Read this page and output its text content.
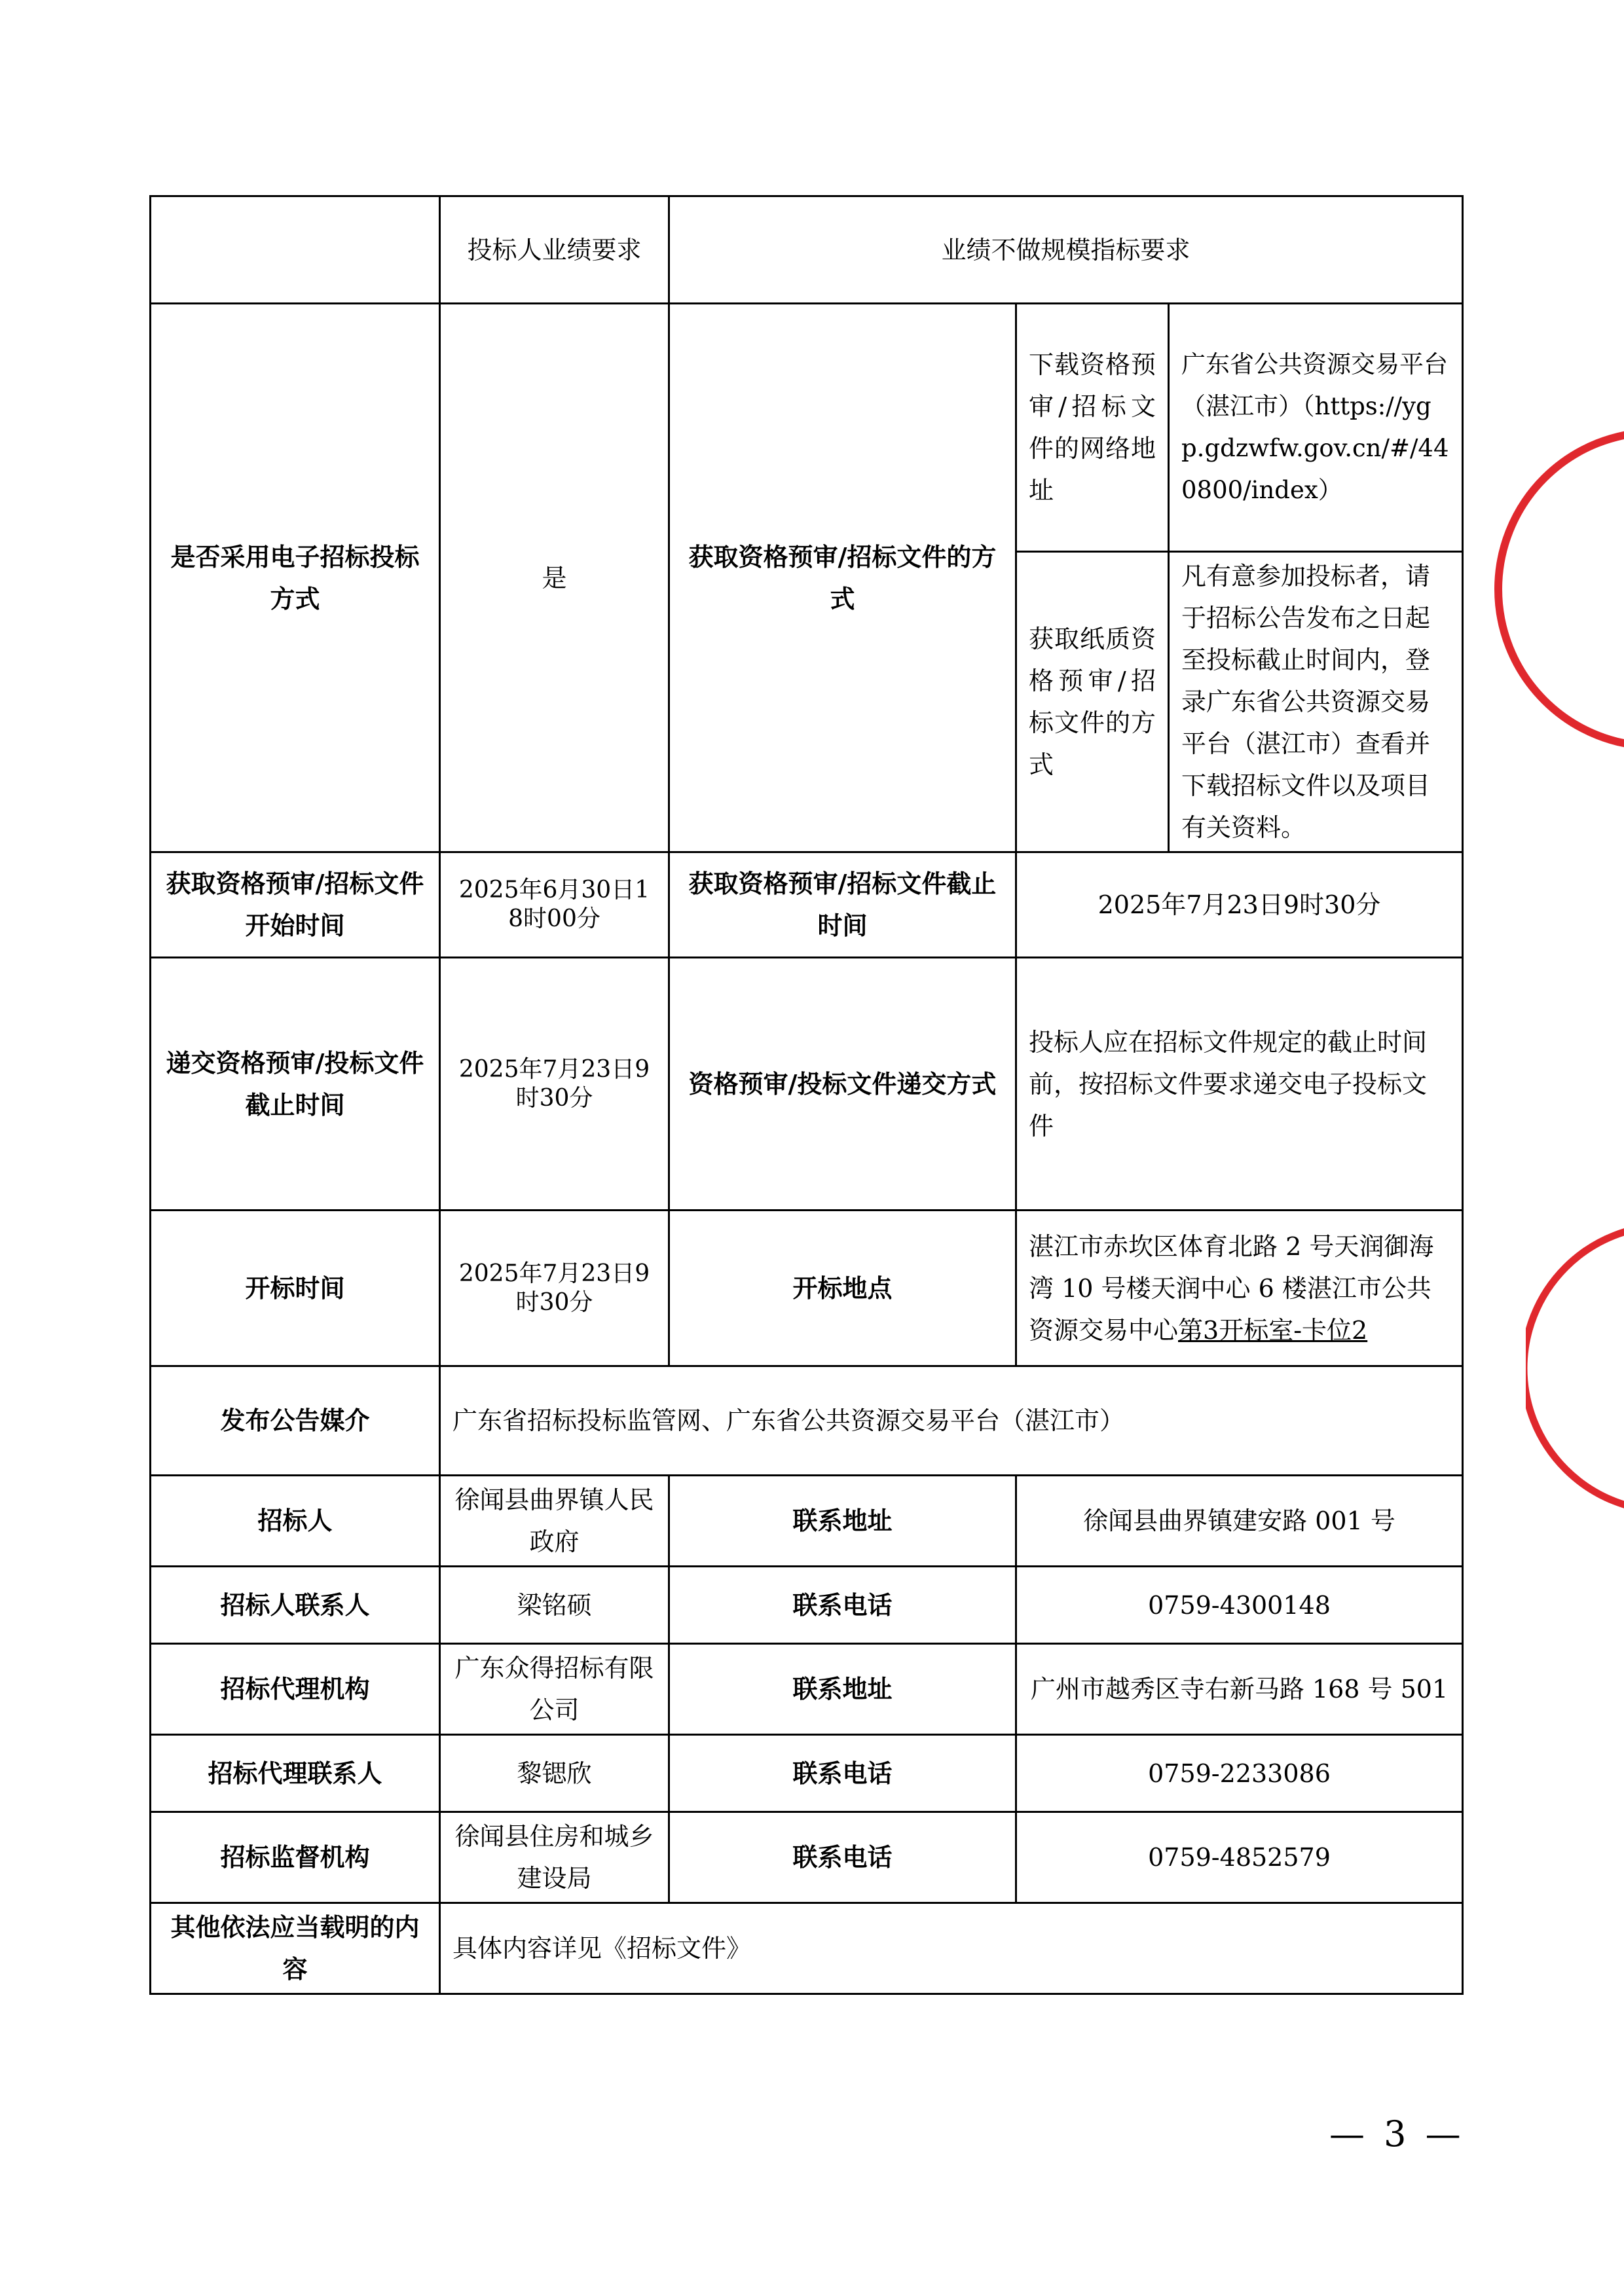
	投标人业绩要求	业绩不做规模指标要求		
是否采用电子招标投标方式	是	获取资格预审/招标文件的方式	下载资格预审/招标文件的网络地址	广东省公共资源交易平台（湛江市）（https://ygp.gdzwfw.gov.cn/#/440800/index）
			获取纸质资格预审/招标文件的方式	凡有意参加投标者，请于招标公告发布之日起至投标截止时间内，登录广东省公共资源交易平台（湛江市）查看并下载招标文件以及项目有关资料。
获取资格预审/招标文件开始时间	2025年6月30日18时00分	获取资格预审/招标文件截止时间	2025年7月23日9时30分	
递交资格预审/投标文件截止时间	2025年7月23日9时30分	资格预审/投标文件递交方式	投标人应在招标文件规定的截止时间前，按招标文件要求递交电子投标文件	
开标时间	2025年7月23日9时30分	开标地点	湛江市赤坎区体育北路 2 号天润御海湾 10 号楼天润中心 6 楼湛江市公共资源交易中心第3开标室-卡位2	
发布公告媒介	广东省招标投标监管网、广东省公共资源交易平台（湛江市）			
招标人	徐闻县曲界镇人民政府	联系地址	徐闻县曲界镇建安路 001 号	
招标人联系人	梁铭硕	联系电话	0759-4300148	
招标代理机构	广东众得招标有限公司	联系地址	广州市越秀区寺右新马路 168 号 501	
招标代理联系人	黎锶欣	联系电话	0759-2233086	
招标监督机构	徐闻县住房和城乡建设局	联系电话	0759-4852579	
其他依法应当载明的内容	具体内容详见《招标文件》			
— 3 —
